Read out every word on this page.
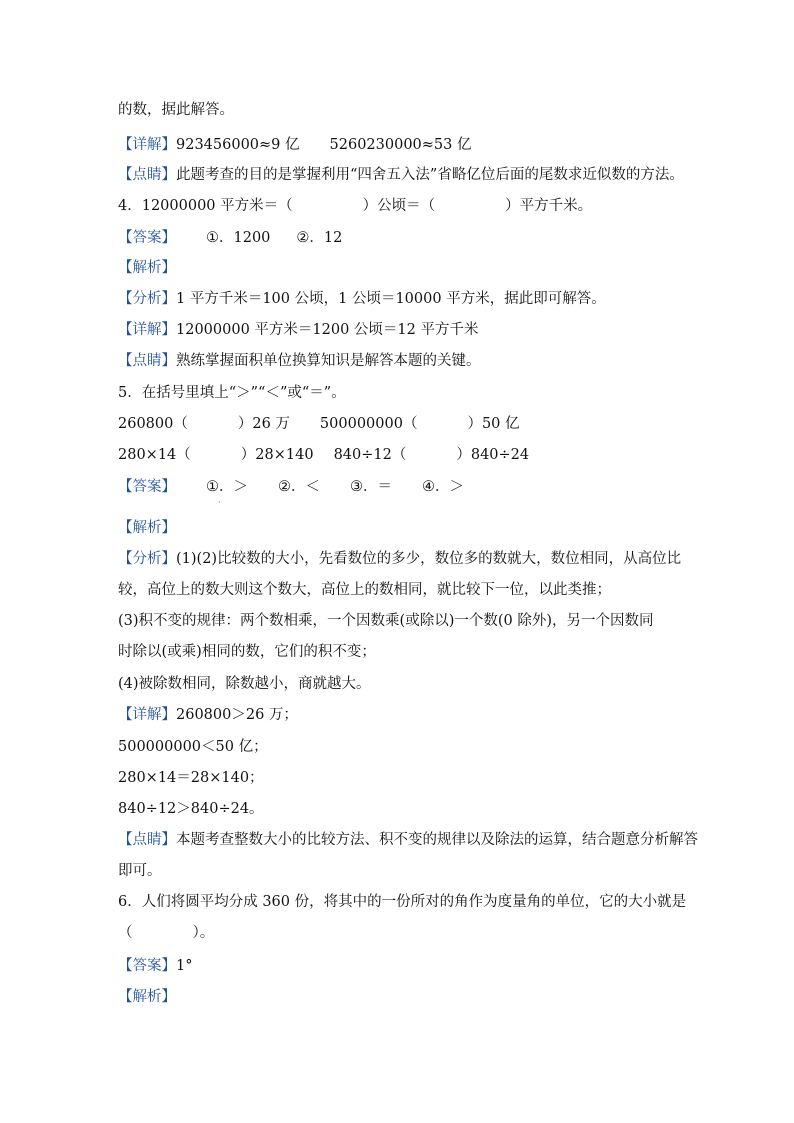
的数，据此解答。
【详解】923456000≈9 亿 5260230000≈53 亿
【点睛】此题考查的目的是掌握利用“四舍五入法”省略亿位后面的尾数求近似数的方法。
4．12000000 平方米＝（	）公顷＝（	）平方千米。
【答案】 ①．1200 ②．12
【解析】
【分析】1 平方千米＝100 公顷，1 公顷＝10000 平方米，据此即可解答。
【详解】12000000 平方米＝1200 公顷＝12 平方千米
【点睛】熟练掌握面积单位换算知识是解答本题的关键。
5．在括号里填上“＞”“＜”或“＝”。
260800（	）26 万 500000000（	）50 亿
280×14（	）28×140 840÷12（	）840÷24
【答案】 ①．＞ ②．＜ ③．＝ ④．＞
·
【解析】
【分析】(1)(2)比较数的大小，先看数位的多少，数位多的数就大，数位相同，从高位比
较，高位上的数大则这个数大，高位上的数相同，就比较下一位，以此类推；
(3)积不变的规律：两个数相乘，一个因数乘(或除以)一个数(0 除外)，另一个因数同
时除以(或乘)相同的数，它们的积不变；
(4)被除数相同，除数越小，商就越大。
【详解】260800＞26 万；
500000000＜50 亿；
280×14＝28×140；
840÷12＞840÷24。
【点睛】本题考查整数大小的比较方法、积不变的规律以及除法的运算，结合题意分析解答
即可。
6．人们将圆平均分成 360 份，将其中的一份所对的角作为度量角的单位，它的大小就是
（	）。
【答案】1°
【解析】
